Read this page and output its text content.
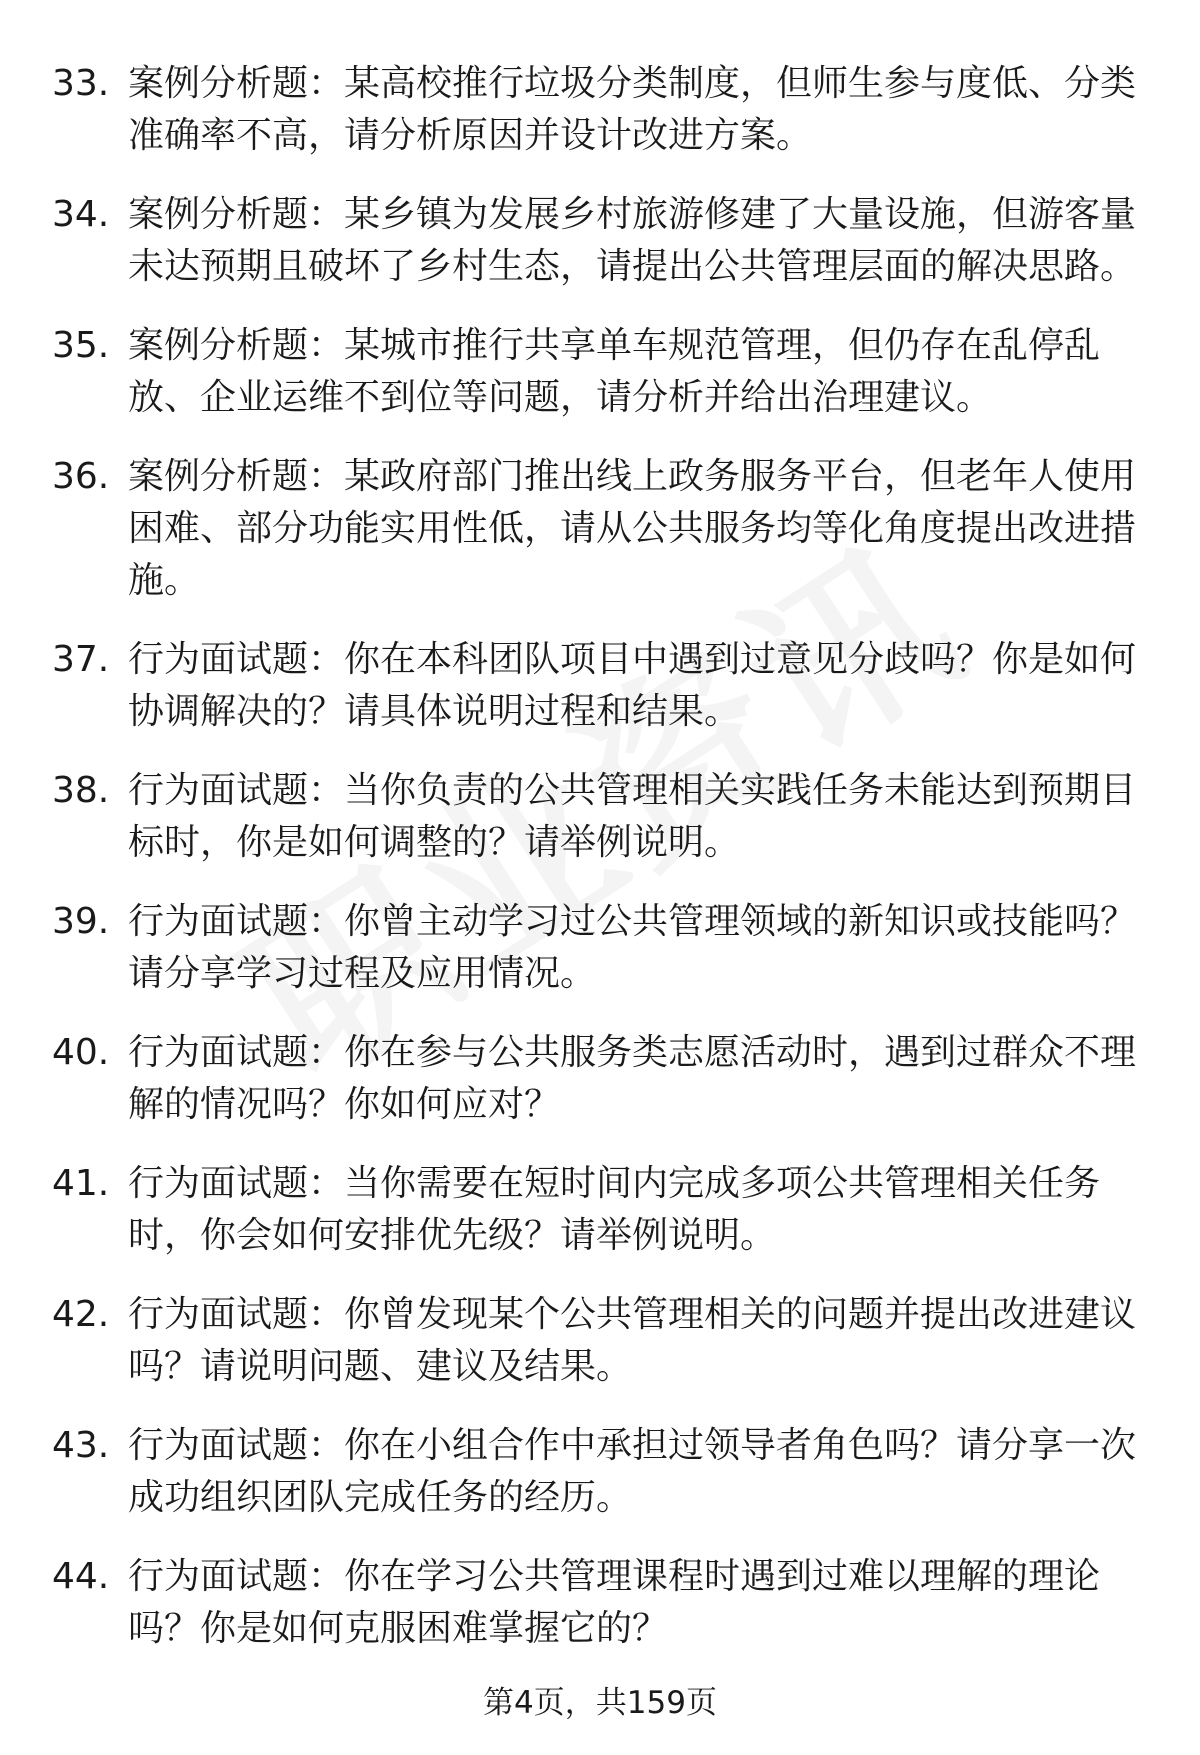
33. 案例分析题：某高校推行垃圾分类制度，但师生参与度低、分类准确率不高，请分析原因并设计改进方案。
34. 案例分析题：某乡镇为发展乡村旅游修建了大量设施，但游客量未达预期且破坏了乡村生态，请提出公共管理层面的解决思路。
35. 案例分析题：某城市推行共享单车规范管理，但仍存在乱停乱放、企业运维不到位等问题，请分析并给出治理建议。
36. 案例分析题：某政府部门推出线上政务服务平台，但老年人使用困难、部分功能实用性低，请从公共服务均等化角度提出改进措施。
37. 行为面试题：你在本科团队项目中遇到过意见分歧吗？你是如何协调解决的？请具体说明过程和结果。
38. 行为面试题：当你负责的公共管理相关实践任务未能达到预期目标时，你是如何调整的？请举例说明。
39. 行为面试题：你曾主动学习过公共管理领域的新知识或技能吗？请分享学习过程及应用情况。
40. 行为面试题：你在参与公共服务类志愿活动时，遇到过群众不理解的情况吗？你如何应对？
41. 行为面试题：当你需要在短时间内完成多项公共管理相关任务时，你会如何安排优先级？请举例说明。
42. 行为面试题：你曾发现某个公共管理相关的问题并提出改进建议吗？请说明问题、建议及结果。
43. 行为面试题：你在小组合作中承担过领导者角色吗？请分享一次成功组织团队完成任务的经历。
44. 行为面试题：你在学习公共管理课程时遇到过难以理解的理论吗？你是如何克服困难掌握它的？
第4页，共159页
